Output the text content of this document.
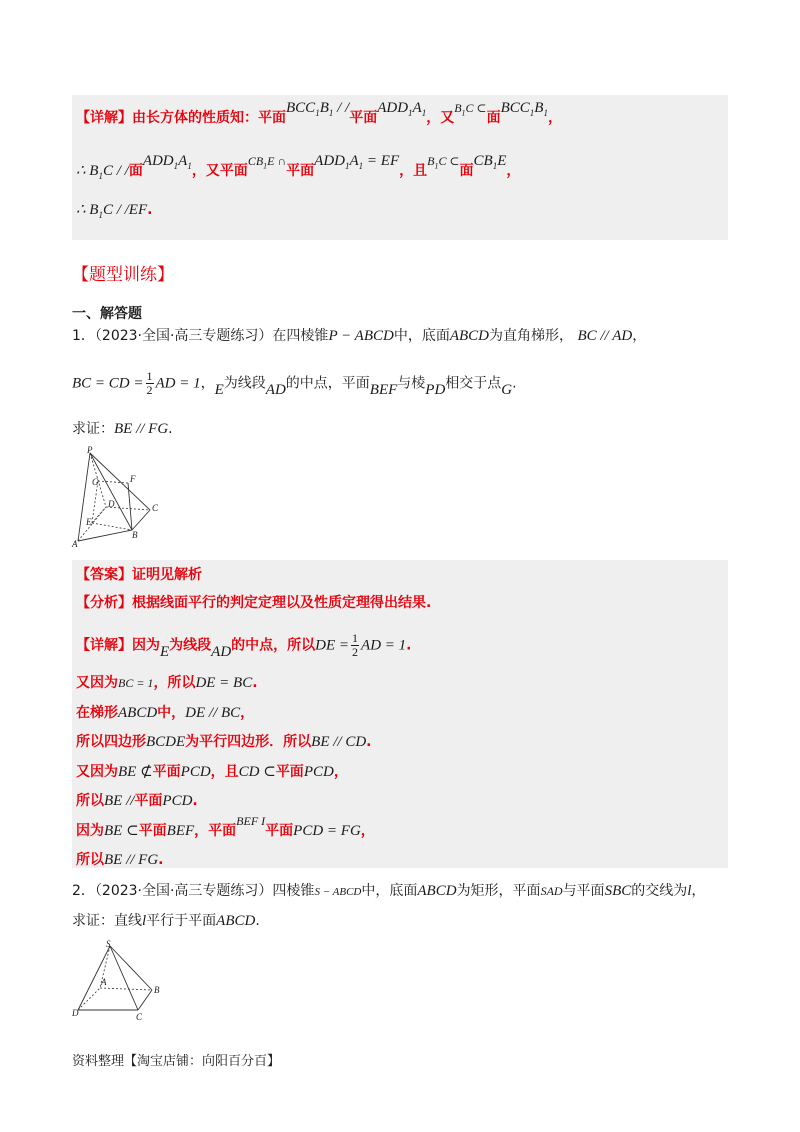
【详解】由长方体的性质知：平面$BCC_1B_1$ / /平面$ADD_1A_1$，又$B_1C$ ⊂面$BCC_1B_1$，
∴ $B_1C$ / /面$ADD_1A_1$，又平面$CB_1E$ ∩平面$ADD_1A_1$ = EF，且$B_1C$ ⊂面$CB_1E$，
∴ $B_1C / /EF$.
【题型训练】
一、解答题
1．（2023·全国·高三专题练习）在四棱锥P − ABCD中，底面ABCD为直角梯形， BC // AD，
BC = CD = $\frac{1}{2}$ AD = 1，E为线段AD的中点，平面BEF与棱PD相交于点G.
求证：BE // FG.
P
G	F
D	C
E
B
A
【答案】证明见解析
【分析】根据线面平行的判定定理以及性质定理得出结果.
【详解】因为E为线段AD的中点，所以DE = $\frac{1}{2}$ AD = 1.
又因为BC = 1，所以DE = BC.
在梯形ABCD中，DE // BC，
所以四边形BCDE为平行四边形．所以BE // CD.
又因为BE ⊄平面PCD，且CD ⊂平面PCD，
所以BE //平面PCD.
因为BE ⊂平面BEF，平面BEF I平面PCD = FG，
所以BE // FG.
2．（2023·全国·高三专题练习）四棱锥S − ABCD中，底面ABCD为矩形，平面SAD与平面SBC的交线为l，
求证：直线l平行于平面ABCD.
S
A
B
D	C
资料整理【淘宝店铺：向阳百分百】
